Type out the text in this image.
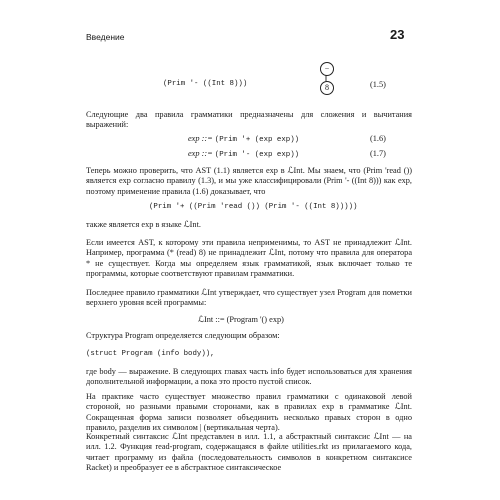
Введение	23
(Prim '- ((Int 8)))
−
8	(1.5)
Следующие два правила грамматики предназначены для сложения и вычитания выражений:
exp ::= (Prim '+ (exp exp))	(1.6)
exp ::= (Prim '- (exp exp))	(1.7)
Теперь можно проверить, что AST (1.1) является exp в ℒInt. Мы знаем, что (Prim 'read ()) является exp согласно правилу (1.3), и мы уже классифицировали (Prim '- ((Int 8))) как exp, поэтому применение правила (1.6) доказывает, что
(Prim '+ ((Prim 'read ()) (Prim '- ((Int 8)))))
также является exp в языке ℒInt.
Если имеется AST, к которому эти правила неприменимы, то AST не принадлежит ℒInt. Например, программа (* (read) 8) не принадлежит ℒInt, потому что правила для оператора * не существует. Когда мы определяем язык грамматикой, язык включает только те программы, которые соответствуют правилам грамматики.
Последнее правило грамматики ℒInt утверждает, что существует узел Program для пометки верхнего уровня всей программы:
ℒInt ::= (Program '() exp)
Структура Program определяется следующим образом:
(struct Program (info body)),
где body — выражение. В следующих главах часть info будет использоваться для хранения дополнительной информации, а пока это просто пустой список.
На практике часто существует множество правил грамматики с одинаковой левой стороной, но разными правыми сторонами, как в правилах exp в грамматике ℒInt. Сокращенная форма записи позволяет объединить несколько правых сторон в одно правило, разделив их символом | (вертикальная черта).
Конкретный синтаксис ℒInt представлен в илл. 1.1, а абстрактный синтаксис ℒInt — на илл. 1.2. Функция read-program, содержащаяся в файле utilities.rkt из прилагаемого кода, читает программу из файла (последовательность символов в конкретном синтаксисе Racket) и преобразует ее в абстрактное синтаксическое
